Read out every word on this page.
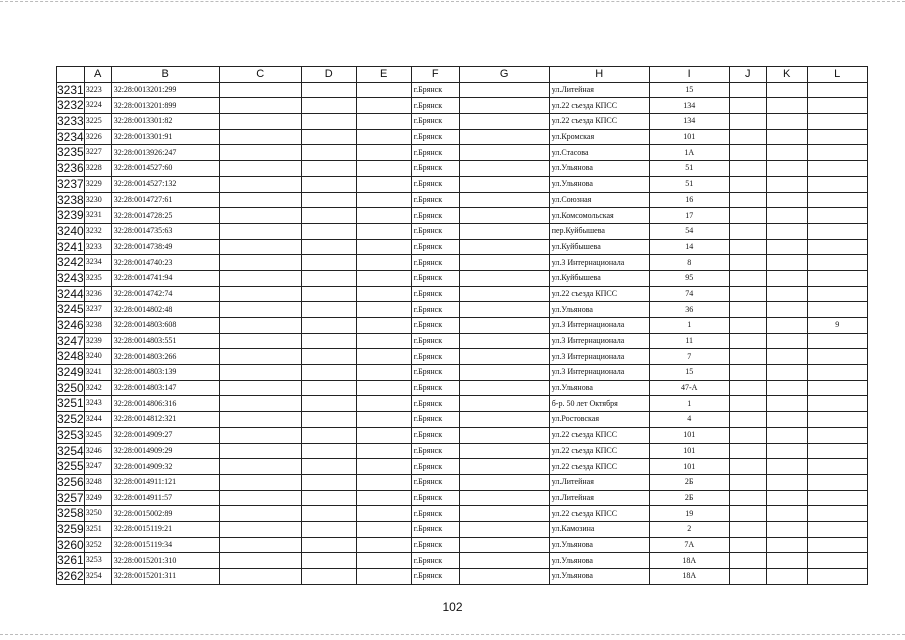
	A	B	C	D	E	F	G	H	I	J	K	L
3231	3223	32:28:0013201:299				г.Брянск		ул.Литейная	15			
3232	3224	32:28:0013201:899				г.Брянск		ул.22 съезда КПСС	134			
3233	3225	32:28:0013301:82				г.Брянск		ул.22 съезда КПСС	134			
3234	3226	32:28:0013301:91				г.Брянск		ул.Кромская	101			
3235	3227	32:28:0013926:247				г.Брянск		ул.Стасова	1А			
3236	3228	32:28:0014527:60				г.Брянск		ул.Ульянова	51			
3237	3229	32:28:0014527:132				г.Брянск		ул.Ульянова	51			
3238	3230	32:28:0014727:61				г.Брянск		ул.Союзная	16			
3239	3231	32:28:0014728:25				г.Брянск		ул.Комсомольская	17			
3240	3232	32:28:0014735:63				г.Брянск		пер.Куйбышева	54			
3241	3233	32:28:0014738:49				г.Брянск		ул.Куйбышева	14			
3242	3234	32:28:0014740:23				г.Брянск		ул.3 Интернационала	8			
3243	3235	32:28:0014741:94				г.Брянск		ул.Куйбышева	95			
3244	3236	32:28:0014742:74				г.Брянск		ул.22 съезда КПСС	74			
3245	3237	32:28:0014802:48				г.Брянск		ул.Ульянова	36			
3246	3238	32:28:0014803:608				г.Брянск		ул.3 Интернационала	1			9
3247	3239	32:28:0014803:551				г.Брянск		ул.3 Интернационала	11			
3248	3240	32:28:0014803:266				г.Брянск		ул.3 Интернационала	7			
3249	3241	32:28:0014803:139				г.Брянск		ул.3 Интернационала	15			
3250	3242	32:28:0014803:147				г.Брянск		ул.Ульянова	47-А			
3251	3243	32:28:0014806:316				г.Брянск		б-р. 50 лет Октября	1			
3252	3244	32:28:0014812:321				г.Брянск		ул.Ростовская	4			
3253	3245	32:28:0014909:27				г.Брянск		ул.22 съезда КПСС	101			
3254	3246	32:28:0014909:29				г.Брянск		ул.22 съезда КПСС	101			
3255	3247	32:28:0014909:32				г.Брянск		ул.22 съезда КПСС	101			
3256	3248	32:28:0014911:121				г.Брянск		ул.Литейная	2Б			
3257	3249	32:28:0014911:57				г.Брянск		ул.Литейная	2Б			
3258	3250	32:28:0015002:89				г.Брянск		ул.22 съезда КПСС	19			
3259	3251	32:28:0015119:21				г.Брянск		ул.Камозина	2			
3260	3252	32:28:0015119:34				г.Брянск		ул.Ульянова	7А			
3261	3253	32:28:0015201:310				г.Брянск		ул.Ульянова	18А			
3262	3254	32:28:0015201:311				г.Брянск		ул.Ульянова	18А			
102
